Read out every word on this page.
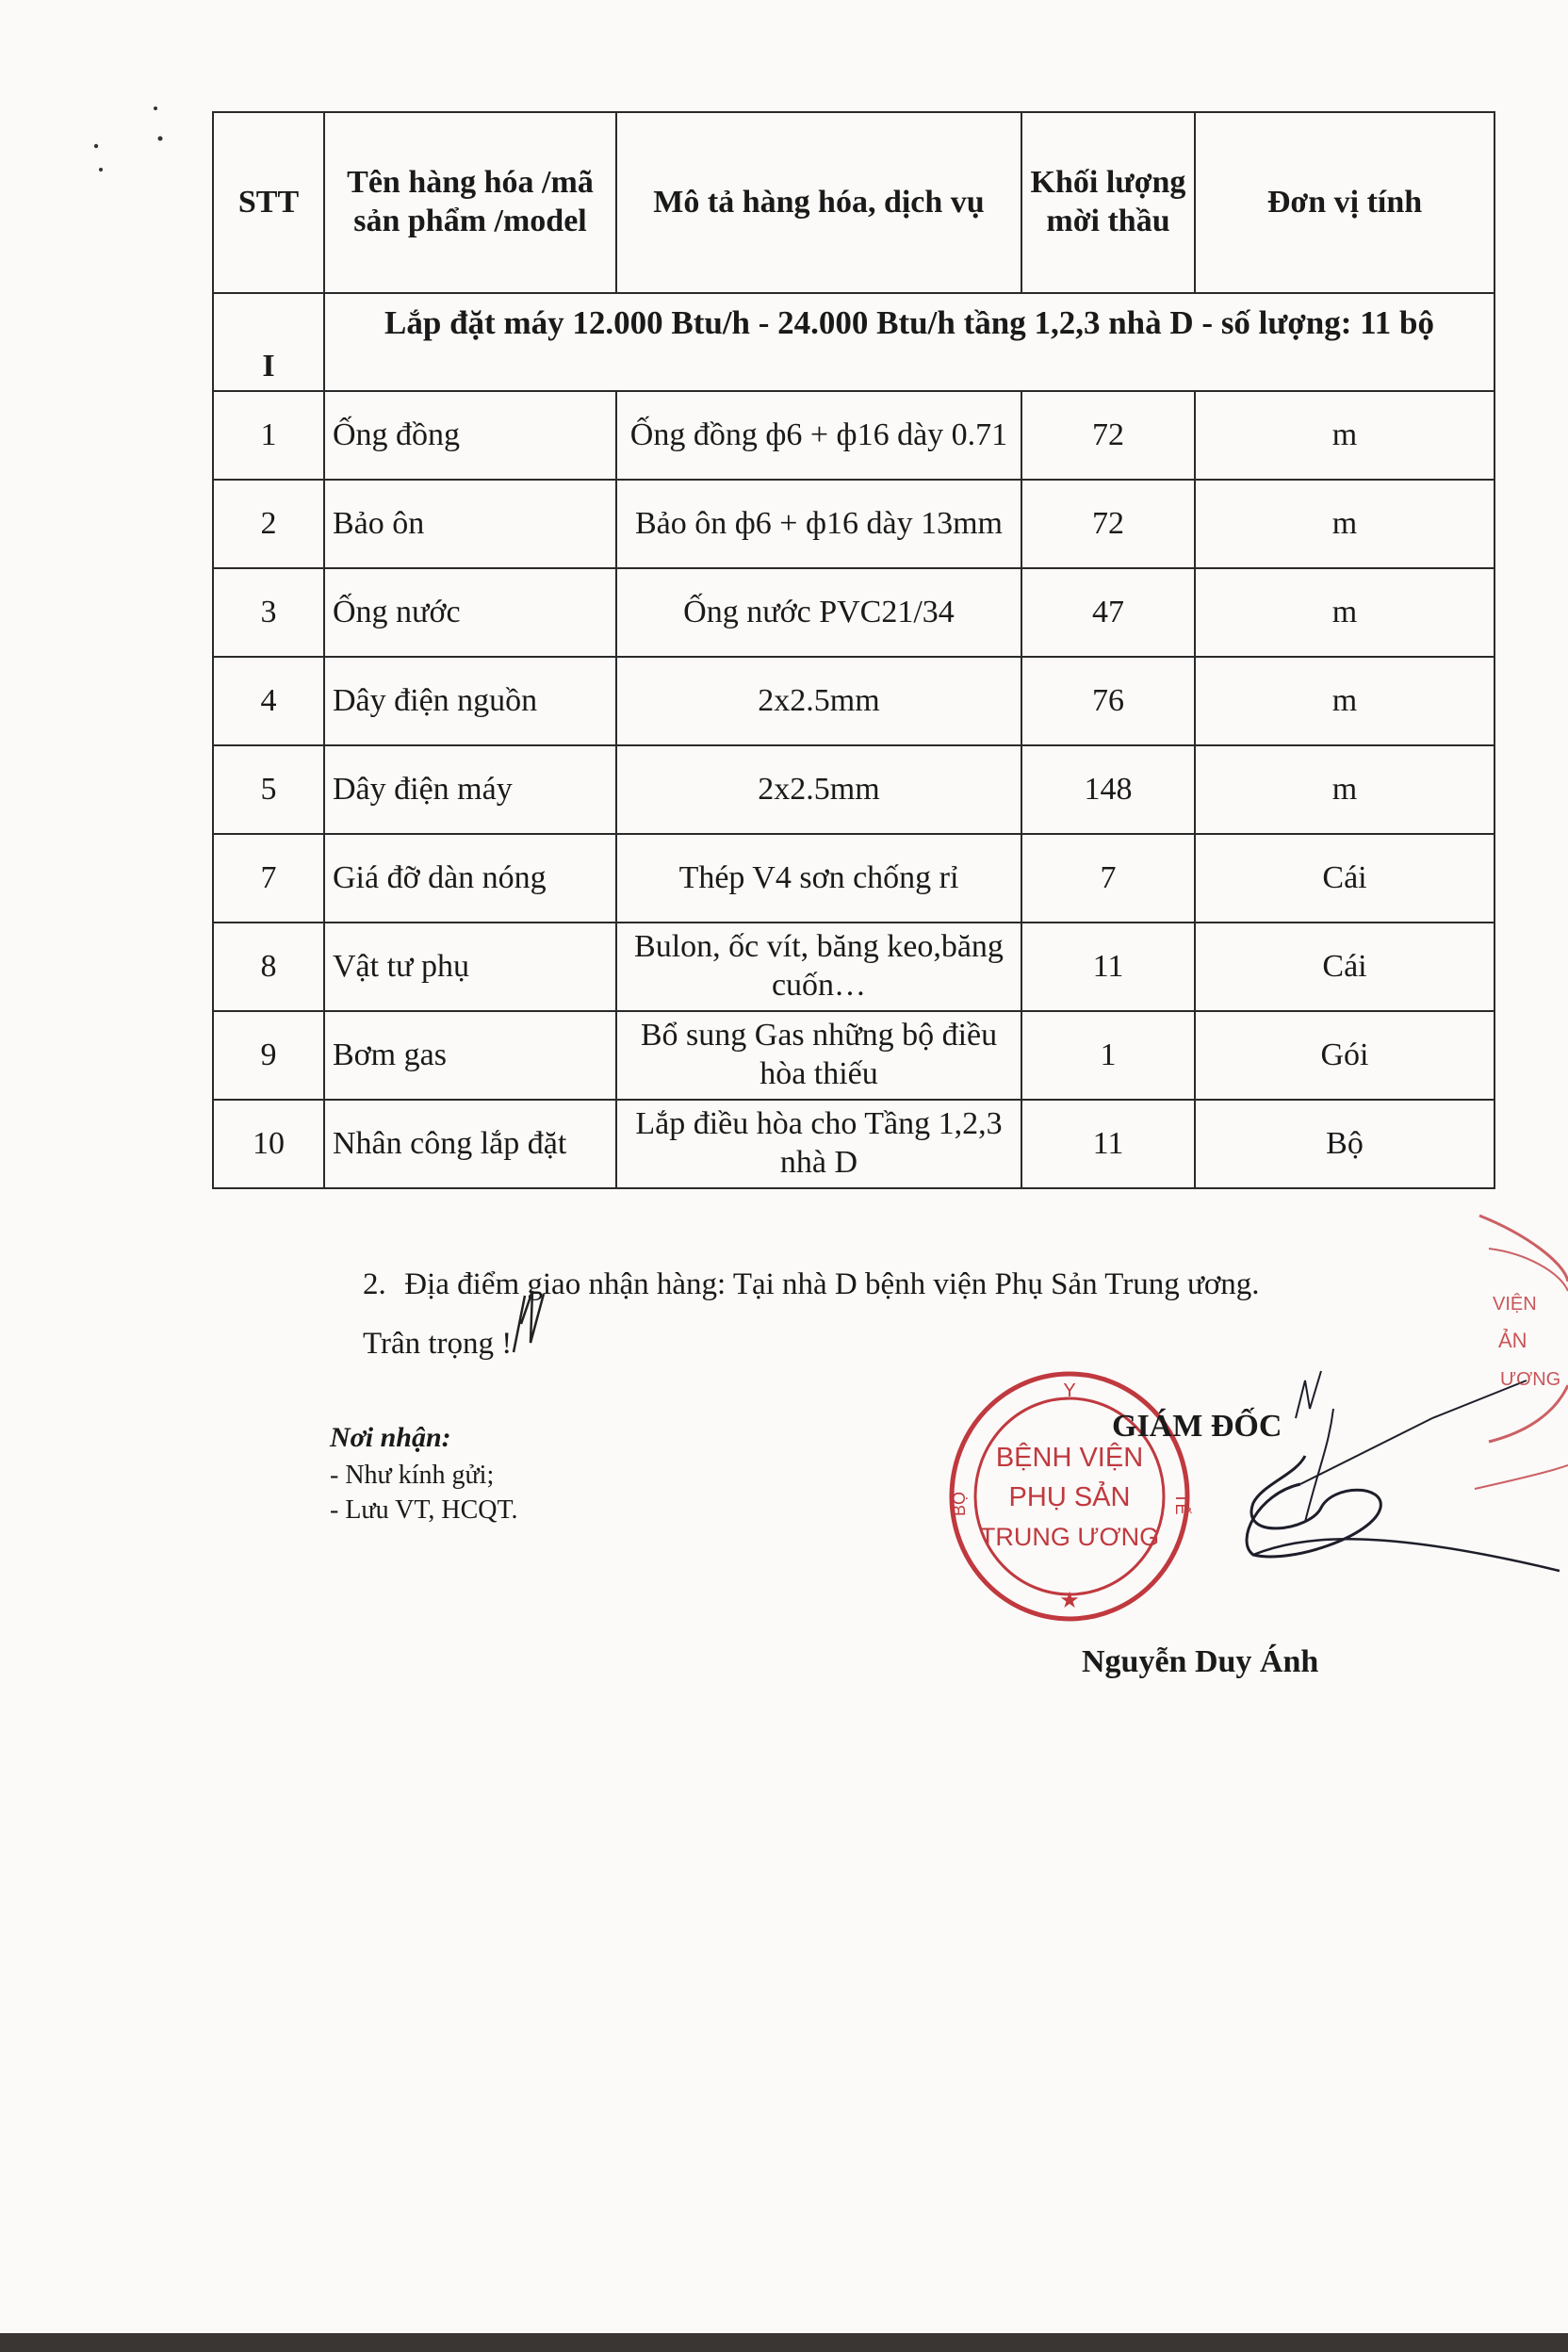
STT	Tên hàng hóa /mã sản phẩm /model	Mô tả hàng hóa, dịch vụ	Khối lượng mời thầu	Đơn vị tính
I	Lắp đặt máy 12.000 Btu/h - 24.000 Btu/h tầng 1,2,3 nhà D - số lượng: 11 bộ			
1	Ống đồng	Ống đồng ф6 + ф16 dày 0.71	72	m
2	Bảo ôn	Bảo ôn ф6 + ф16 dày 13mm	72	m
3	Ống nước	Ống nước PVC21/34	47	m
4	Dây điện nguồn	2x2.5mm	76	m
5	Dây điện máy	2x2.5mm	148	m
7	Giá đỡ dàn nóng	Thép V4 sơn chống rỉ	7	Cái
8	Vật tư phụ	Bulon, ốc vít, băng keo,băng cuốn…	11	Cái
9	Bơm gas	Bổ sung Gas những bộ điều hòa thiếu	1	Gói
10	Nhân công lắp đặt	Lắp điều hòa cho Tầng 1,2,3 nhà D	11	Bộ
2. Địa điểm giao nhận hàng: Tại nhà D bệnh viện Phụ Sản Trung ương.
Trân trọng !
Nơi nhận:
- Như kính gửi;
- Lưu VT, HCQT.
Y
BỘ	TẾ
BỆNH VIỆN
PHỤ SẢN
TRUNG ƯƠNG
★
GIÁM ĐỐC
Nguyễn Duy Ánh
VIỆN
ẢN
ƯƠNG
